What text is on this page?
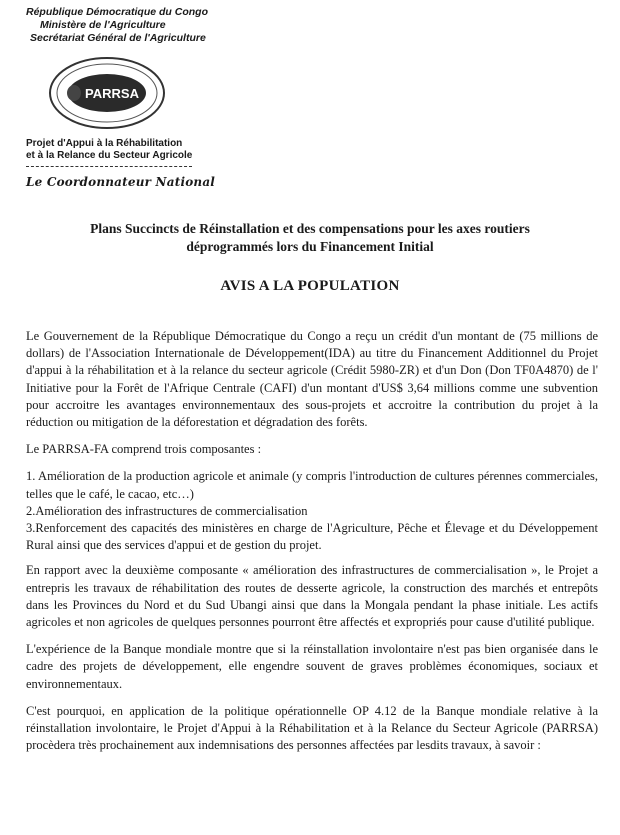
République Démocratique du Congo
Ministère de l'Agriculture
Secrétariat Général de l'Agriculture
PARRSA
Projet d'Appui à la Réhabilitation
et à la Relance du Secteur Agricole
Le Coordonnateur National
Plans Succincts de Réinstallation et des compensations pour les axes routiers
déprogrammés lors du Financement Initial
AVIS A LA POPULATION

Le Gouvernement de la République Démocratique du Congo a reçu un crédit d'un montant de (75 millions de dollars) de l'Association Internationale de Développement(IDA) au titre du Financement Additionnel du Projet d'appui à la réhabilitation et à la relance du secteur agricole (Crédit 5980-ZR) et d'un Don (Don TF0A4870) de l' Initiative pour la Forêt de l'Afrique Centrale (CAFI) d'un montant d'US$ 3,64 millions comme une subvention pour accroitre les avantages environnementaux des sous-projets et accroitre la contribution du projet à la réduction ou mitigation de la déforestation et dégradation des forêts.

Le PARRSA-FA comprend trois composantes :

1. Amélioration de la production agricole et animale (y compris l'introduction de cultures pérennes commerciales, telles que le café, le cacao, etc…)
2.Amélioration des infrastructures de commercialisation
3.Renforcement des capacités des ministères en charge de l'Agriculture, Pêche et Élevage et du Développement Rural ainsi que des services d'appui et de gestion du projet.

En rapport avec la deuxième composante « amélioration des infrastructures de commercialisation », le Projet a entrepris les travaux de réhabilitation des routes de desserte agricole, la construction des marchés et entrepôts dans les Provinces du Nord et du Sud Ubangi ainsi que dans la Mongala pendant la phase initiale. Les actifs agricoles et non agricoles de quelques personnes pourront être affectés et expropriés pour cause d'utilité publique.

L'expérience de la Banque mondiale montre que si la réinstallation involontaire n'est pas bien organisée dans le cadre des projets de développement, elle engendre souvent de graves problèmes économiques, sociaux et environnementaux.

C'est pourquoi, en application de la politique opérationnelle OP 4.12 de la Banque mondiale relative à la réinstallation involontaire, le Projet d'Appui à la Réhabilitation et à la Relance du Secteur Agricole (PARRSA) procèdera très prochainement aux indemnisations des personnes affectées par lesdits travaux, à savoir :
